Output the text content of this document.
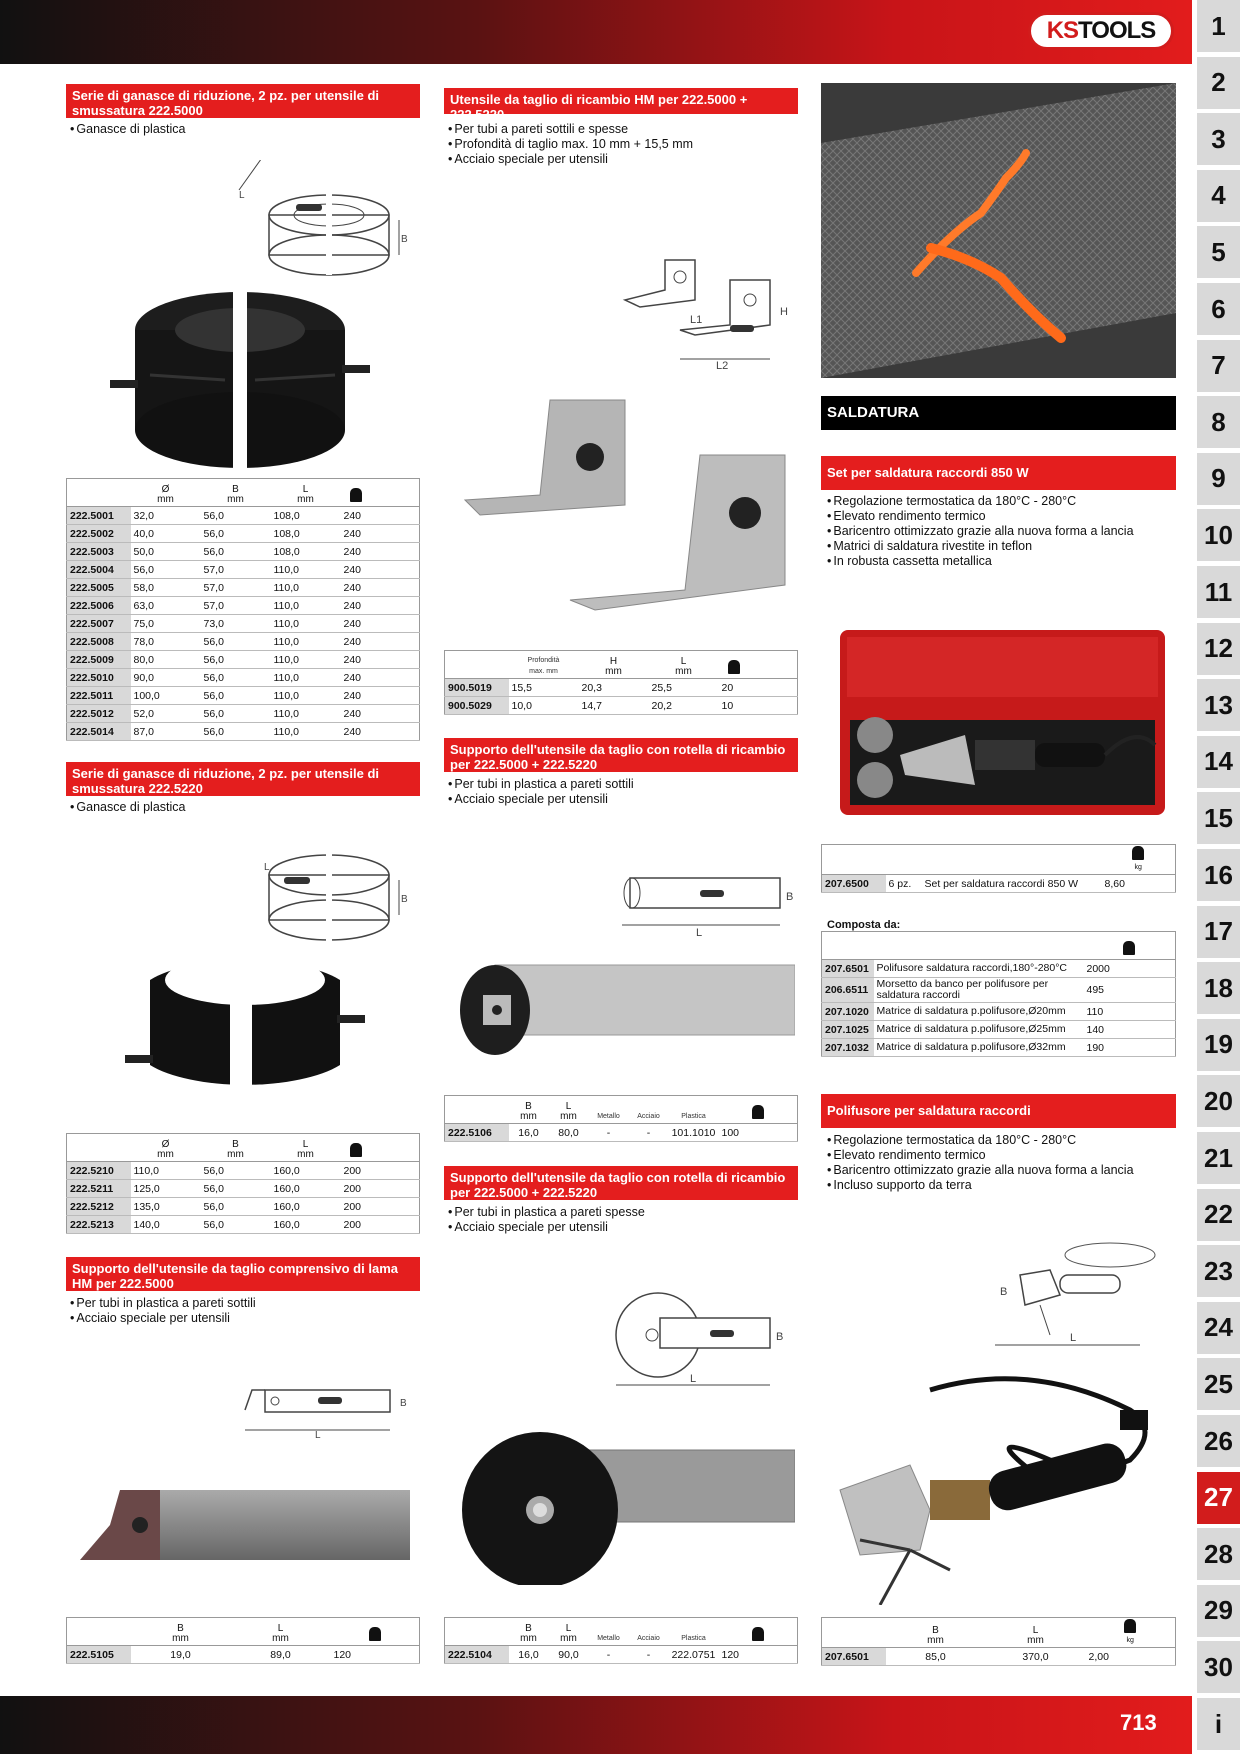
KS TOOLS	1
2
3
4
5
6
7
8
9
10
11
12
13
14
15
16
17
18
19
20
21
22
23
24
25
26
27
28
29
30
i
713
Serie di ganasce di riduzione, 2 pz. per utensile di smussatura 222.5000
• Ganasce di plastica
L
B
	Ø
mm	B
mm	L
mm		
222.5001	32,0	56,0	108,0	240	
222.5002	40,0	56,0	108,0	240	
222.5003	50,0	56,0	108,0	240	
222.5004	56,0	57,0	110,0	240	
222.5005	58,0	57,0	110,0	240	
222.5006	63,0	57,0	110,0	240	
222.5007	75,0	73,0	110,0	240	
222.5008	78,0	56,0	110,0	240	
222.5009	80,0	56,0	110,0	240	
222.5010	90,0	56,0	110,0	240	
222.5011	100,0	56,0	110,0	240	
222.5012	52,0	56,0	110,0	240	
222.5014	87,0	56,0	110,0	240	
Serie di ganasce di riduzione, 2 pz. per utensile di smussatura 222.5220
• Ganasce di plastica
L
B
	Ø
mm	B
mm	L
mm		
222.5210	110,0	56,0	160,0	200	
222.5211	125,0	56,0	160,0	200	
222.5212	135,0	56,0	160,0	200	
222.5213	140,0	56,0	160,0	200	
Supporto dell'utensile da taglio comprensivo di lama HM per 222.5000
• Per tubi in plastica a pareti sottili
• Acciaio speciale per utensili
L
B
	B
mm	L
mm	
222.5105	19,0	89,0	120
Utensile da taglio di ricambio HM per 222.5000 + 222.5220
• Per tubi a pareti sottili e spesse
• Profondità di taglio max. 10 mm + 15,5 mm
• Acciaio speciale per utensili
L1
L2
H
	Profondità
max. mm	H
mm	L
mm		
900.5019	15,5	20,3	25,5	20	
900.5029	10,0	14,7	20,2	10	
Supporto dell'utensile da taglio con rotella di ricambio per 222.5000 + 222.5220
• Per tubi in plastica a pareti sottili
• Acciaio speciale per utensili
L
B
	B
mm	L
mm	Metallo	Acciaio	Plastica	
222.5106	16,0	80,0	-	-	101.1010	100
Supporto dell'utensile da taglio con rotella di ricambio per 222.5000 + 222.5220
• Per tubi in plastica a pareti spesse
• Acciaio speciale per utensili
L
B
	B
mm	L
mm	Metallo	Acciaio	Plastica	
222.5104	16,0	90,0	-	-	222.0751	120
SALDATURA
Set per saldatura raccordi 850 W
• Regolazione termostatica da 180°C - 280°C
• Elevato rendimento termico
• Baricentro ottimizzato grazie alla nuova forma a lancia
• Matrici di saldatura rivestite in teflon
• In robusta cassetta metallica

			kg

207.6500	6 pz.	Set per saldatura raccordi 850 W	8,60
Composta da:

207.6501	Polifusore saldatura raccordi,180°-280°C	2000
206.6511	Morsetto da banco per polifusore per saldatura raccordi	495
207.1020	Matrice di saldatura p.polifusore,Ø20mm	110
207.1025	Matrice di saldatura p.polifusore,Ø25mm	140
207.1032	Matrice di saldatura p.polifusore,Ø32mm	190
Polifusore per saldatura raccordi
• Regolazione termostatica da 180°C - 280°C
• Elevato rendimento termico
• Baricentro ottimizzato grazie alla nuova forma a lancia
• Incluso supporto da terra
L
B
	B
mm	L
mm	kg

207.6501	85,0	370,0	2,00
